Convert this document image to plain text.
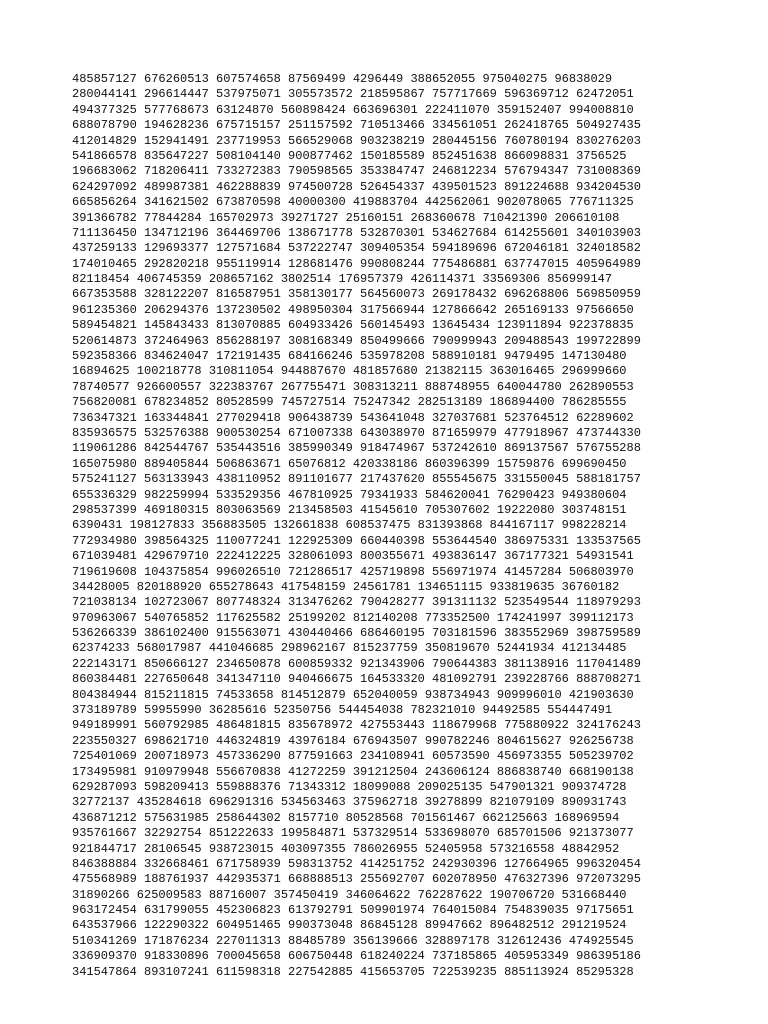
485857127 676260513 607574658 87569499 4296449 388652055 975040275 96838029
280044141 296614447 537975071 305573572 218595867 757717669 596369712 62472051
494377325 577768673 63124870 560898424 663696301 222411070 359152407 994008810
688078790 194628236 675715157 251157592 710513466 334561051 262418765 504927435
412014829 152941491 237719953 566529068 903238219 280445156 760780194 830276203
541866578 835647227 508104140 900877462 150185589 852451638 866098831 3756525
196683062 718206411 733272383 790598565 353384747 246812234 576794347 731008369
624297092 489987381 462288839 974500728 526454337 439501523 891224688 934204530
665856264 341621502 673870598 40000300 419883704 442562061 902078065 776711325
391366782 77844284 165702973 39271727 25160151 268360678 710421390 206610108
711136450 134712196 364469706 138671778 532870301 534627684 614255601 340103903
437259133 129693377 127571684 537222747 309405354 594189696 672046181 324018582
174010465 292820218 955119914 128681476 990808244 775486881 637747015 405964989
82118454 406745359 208657162 3802514 176957379 426114371 33569306 856999147
667353588 328122207 816587951 358130177 564560073 269178432 696268806 569850959
961235360 206294376 137230502 498950304 317566944 127866642 265169133 97566650
589454821 145843433 813070885 604933426 560145493 13645434 123911894 922378835
520614873 372464963 856288197 308168349 850499666 790999943 209488543 199722899
592358366 834624047 172191435 684166246 535978208 588910181 9479495 147130480
16894625 100218778 310811054 944887670 481857680 21382115 363016465 296999660
78740577 926600557 322383767 267755471 308313211 888748955 640044780 262890553
756820081 678234852 80528599 745727514 75247342 282513189 186894400 786285555
736347321 163344841 277029418 906438739 543641048 327037681 523764512 62289602
835936575 532576388 900530254 671007338 643038970 871659979 477918967 473744330
119061286 842544767 535443516 385990349 918474967 537242610 869137567 576755288
165075980 889405844 506863671 65076812 420338186 860396399 15759876 699690450
575241127 563133943 438110952 891101677 217437620 855545675 331550045 588181757
655336329 982259994 533529356 467810925 79341933 584620041 76290423 949380604
298537399 469180315 803063569 213458503 41545610 705307602 19222080 303748151
6390431 198127833 356883505 132661838 608537475 831393868 844167117 998228214
772934980 398564325 110077241 122925309 660440398 553644540 386975331 133537565
671039481 429679710 222412225 328061093 800355671 493836147 367177321 54931541
719619608 104375854 996026510 721286517 425719898 556971974 41457284 506803970
34428005 820188920 655278643 417548159 24561781 134651115 933819635 36760182
721038134 102723067 807748324 313476262 790428277 391311132 523549544 118979293
970963067 540765852 117625582 25199202 812140208 773352500 174241997 399112173
536266339 386102400 915563071 430440466 686460195 703181596 383552969 398759589
62374233 568017987 441046685 298962167 815237759 350819670 52441934 412134485
222143171 850666127 234650878 600859332 921343906 790644383 381138916 117041489
860384481 227650648 341347110 940466675 164533320 481092791 239228766 888708271
804384944 815211815 74533658 814512879 652040059 938734943 909996010 421903630
373189789 59955990 36285616 52350756 544454038 782321010 94492585 554447491
949189991 560792985 486481815 835678972 427553443 118679968 775880922 324176243
223550327 698621710 446324819 43976184 676943507 990782246 804615627 926256738
725401069 200718973 457336290 877591663 234108941 60573590 456973355 505239702
173495981 910979948 556670838 41272259 391212504 243606124 886838740 668190138
629287093 598209413 559888376 71343312 18099088 209025135 547901321 909374728
32772137 435284618 696291316 534563463 375962718 39278899 821079109 890931743
436871212 575631985 258644302 8157710 80528568 701561467 662125663 168969594
935761667 32292754 851222633 199584871 537329514 533698070 685701506 921373077
921844717 28106545 938723015 403097355 786026955 52405958 573216558 48842952
846388884 332668461 671758939 598313752 414251752 242930396 127664965 996320454
475568989 188761937 442935371 668888513 255692707 602078950 476327396 972073295
31890266 625009583 88716007 357450419 346064622 762287622 190706720 531668440
963172454 631799055 452306823 613792791 509901974 764015084 754839035 97175651
643537966 122290322 604951465 990373048 86845128 89947662 896482512 291219524
510341269 171876234 227011313 88485789 356139666 328897178 312612436 474925545
336909370 918330896 700045658 606750448 618240224 737185865 405953349 986395186
341547864 893107241 611598318 227542885 415653705 722539235 885113924 85295328
